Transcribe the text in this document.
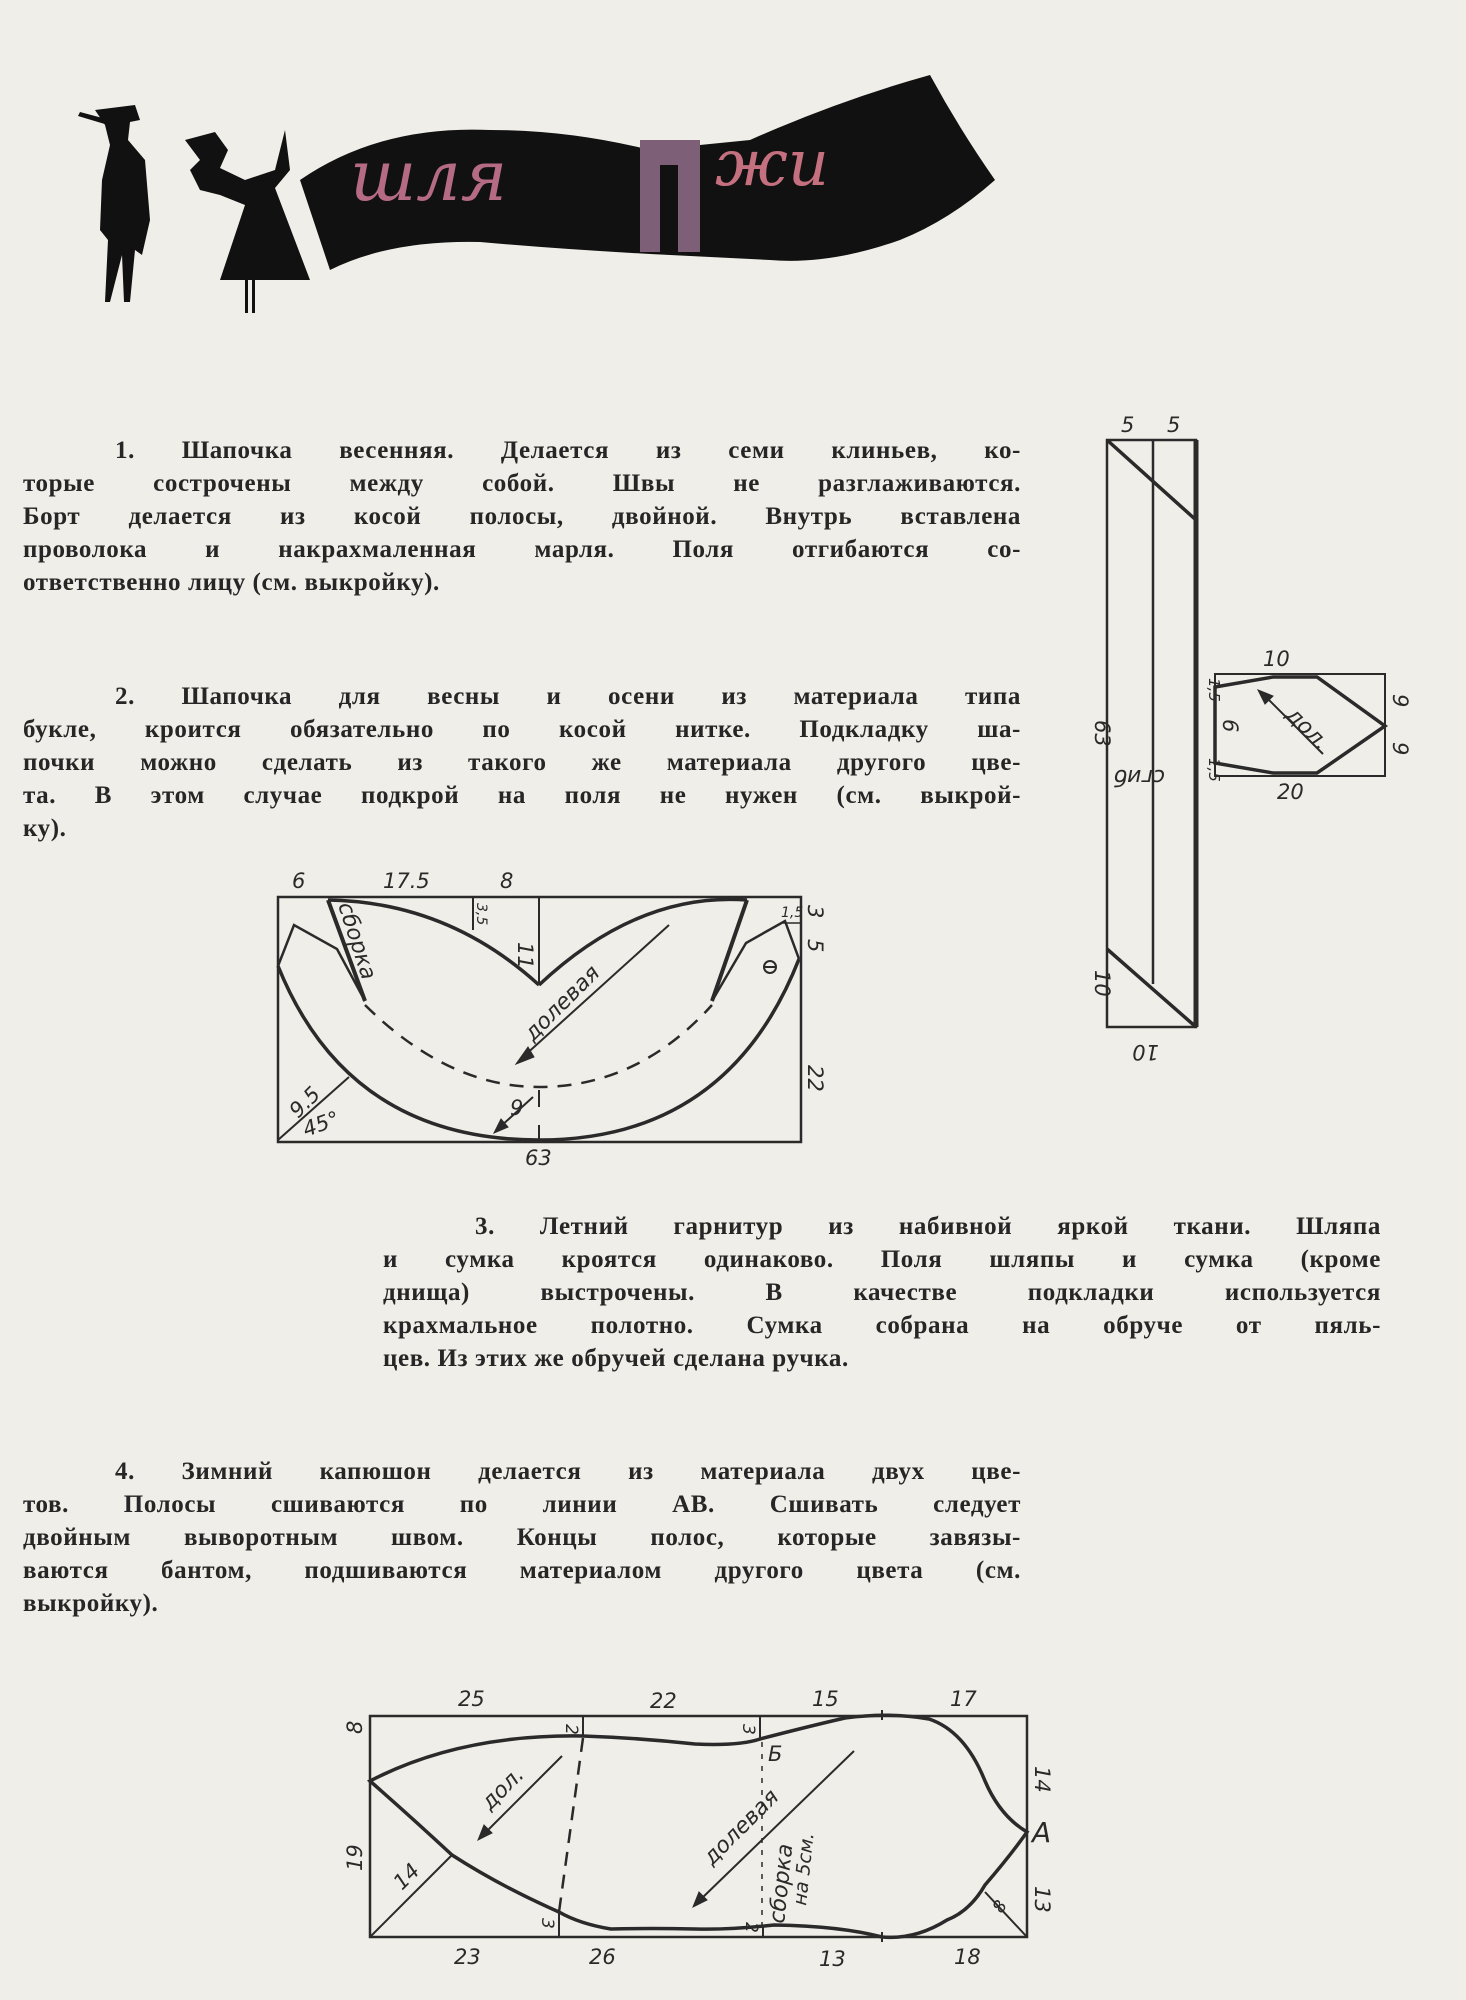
шля	жи
1. Шапочка весенняя. Делается из семи клиньев, ко-
торые сострочены между собой. Швы не разглаживаются.
Борт делается из косой полосы, двойной. Внутрь вставлена
проволока и накрахмаленная марля. Поля отгибаются со-
ответственно лицу (см. выкройку).
2. Шапочка для весны и осени из материала типа
букле, кроится обязательно по косой нитке. Подкладку ша-
почки можно сделать из такого же материала другого цве-
та. В этом случае подкрой на поля не нужен (см. выкрой-
ку).
3. Летний гарнитур из набивной яркой ткани. Шляпа
и сумка кроятся одинаково. Поля шляпы и сумка (кроме
днища) выстрочены. В качестве подкладки используется
крахмальное полотно. Сумка собрана на обруче от пяль-
цев. Из этих же обручей сделана ручка.
4. Зимний капюшон делается из материала двух цве-
тов. Полосы сшиваются по линии АВ. Сшивать следует
двойным выворотным швом. Концы полос, которые завязы-
ваются бантом, подшиваются материалом другого цвета (см.
выкройку).
5 5
63
сгиб
10
10
10
20
1,5
1,5
6
9
9
дол.
6	17.5	8
3,5
11
сборка
долевая
1,5 3
5
22
9.5
45°	9
63
25	22	15	17
23	26	13	18
8
19
14
14
А
13
8
2	3
Б
3	2
дол.	долевая
сборка
на 5см.
